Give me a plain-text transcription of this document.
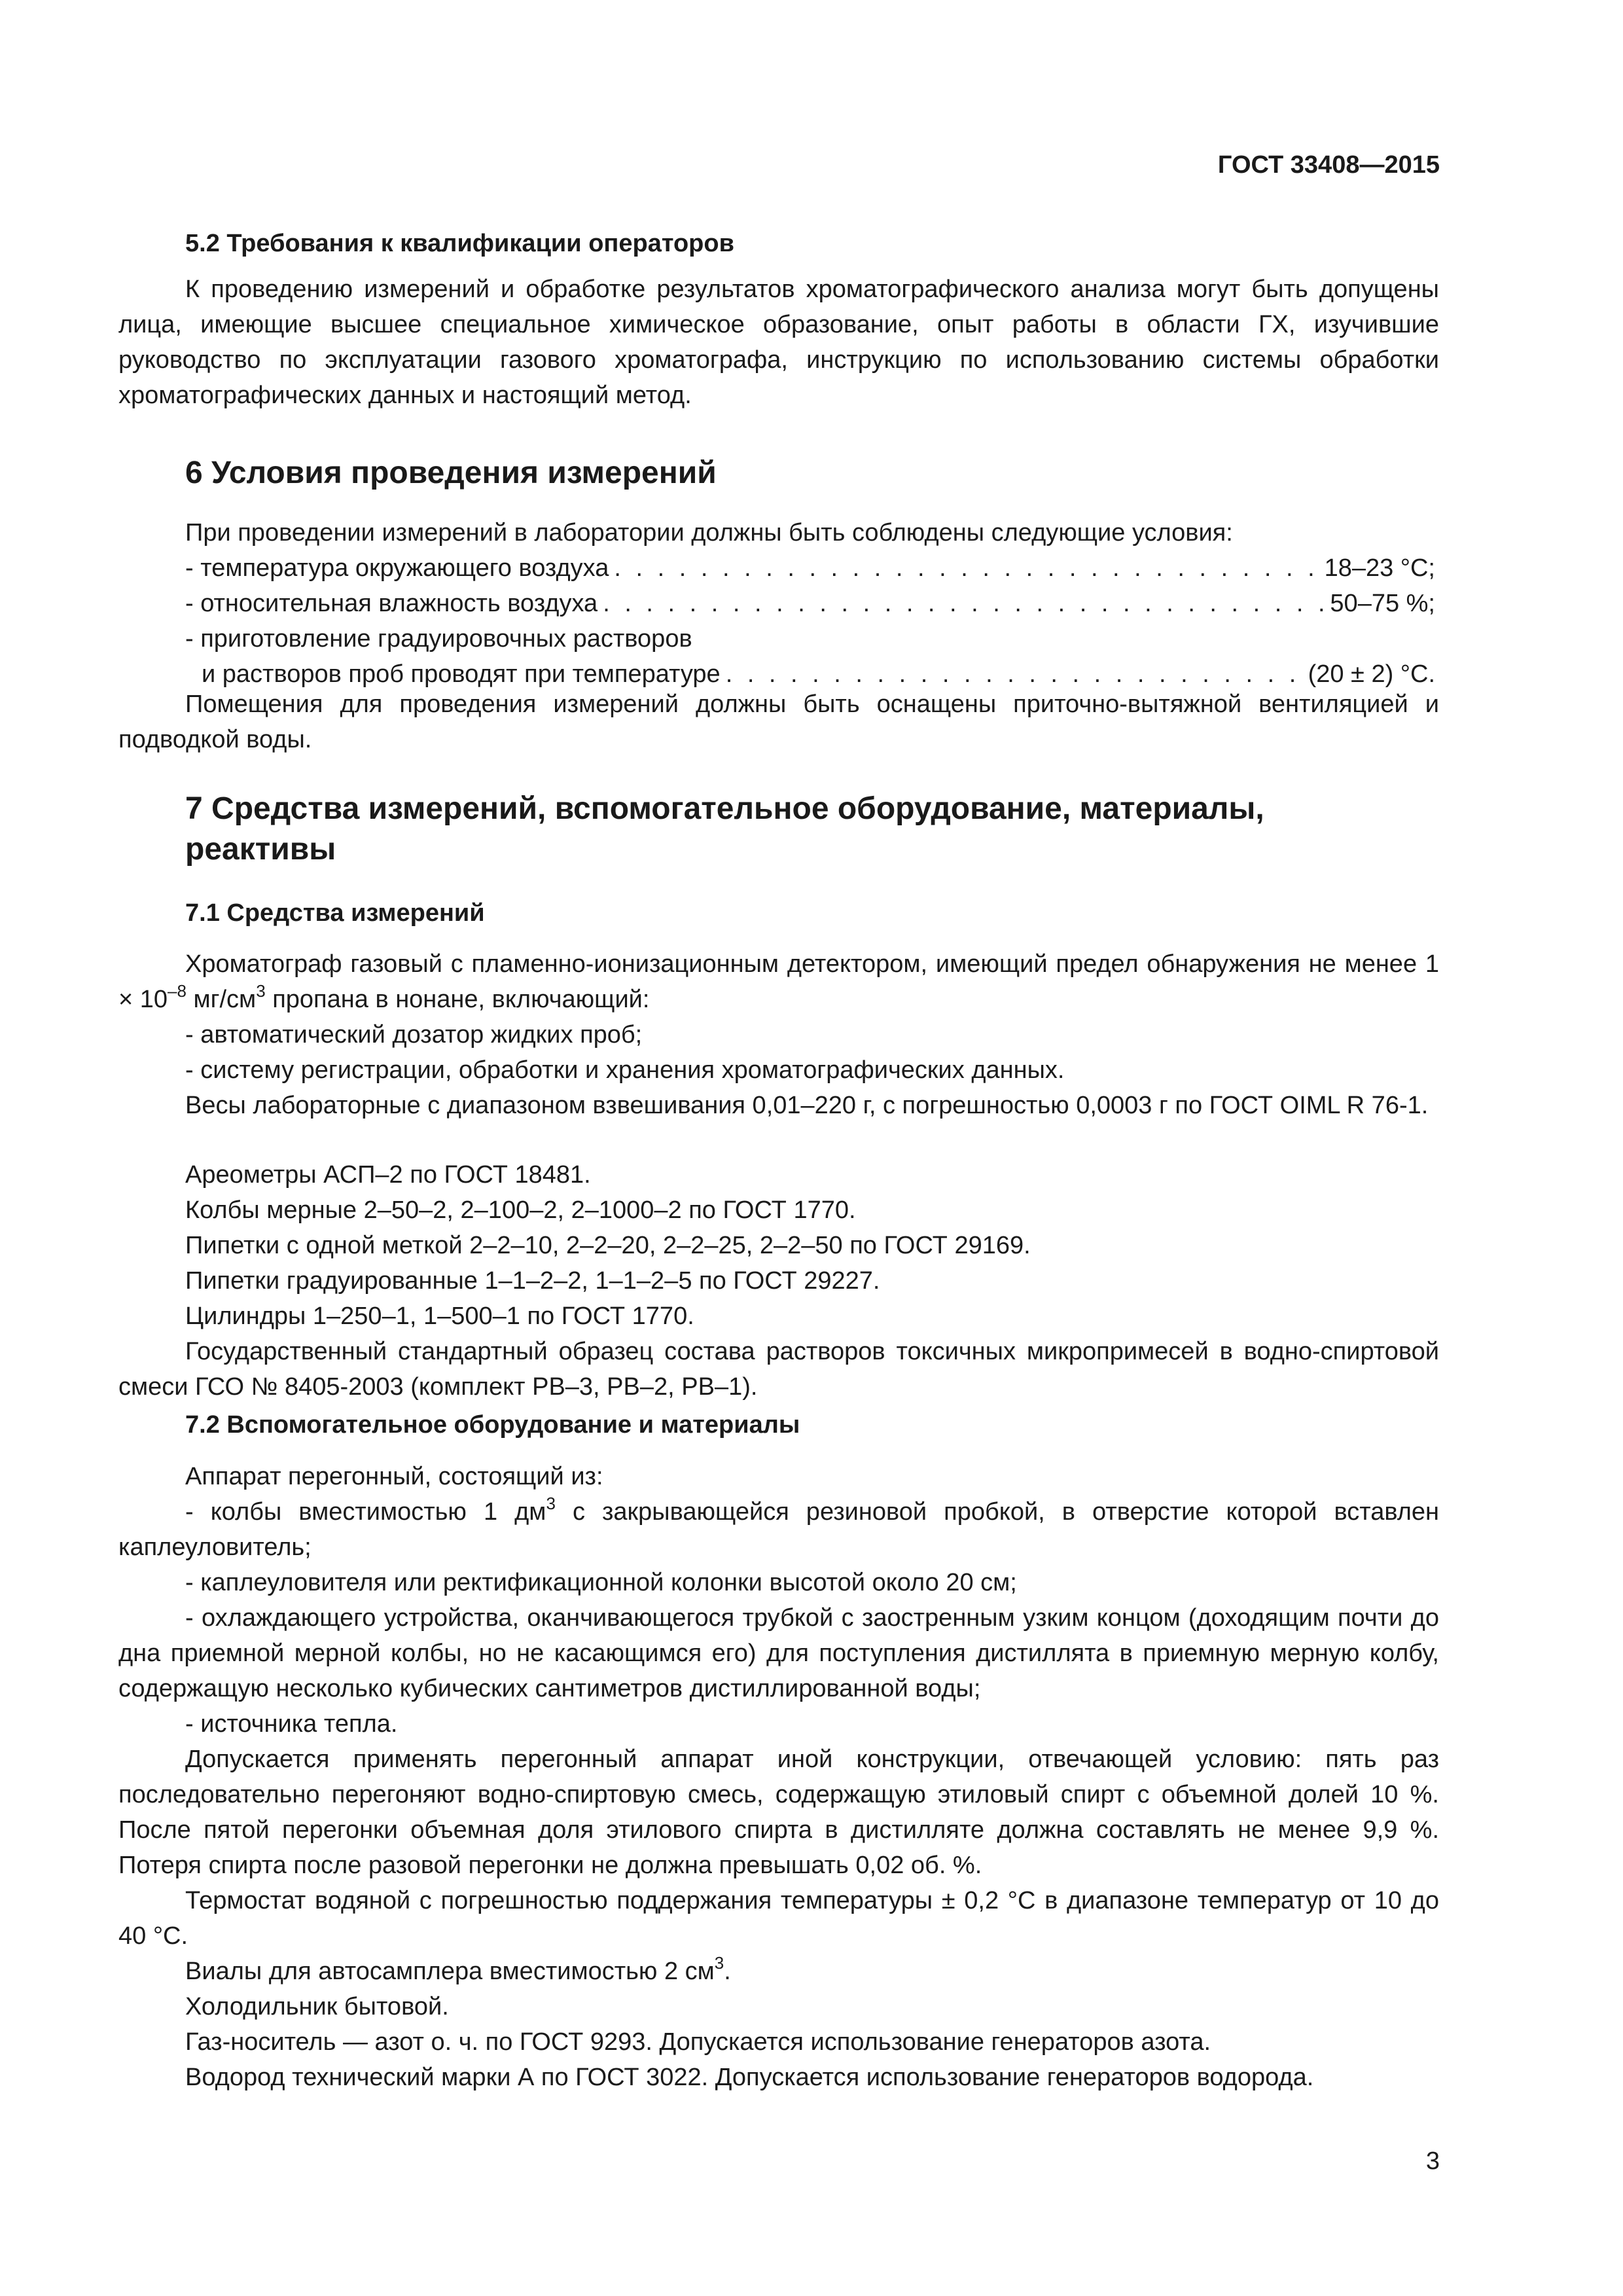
ГОСТ 33408—2015
5.2 Требования к квалификации операторов

К проведению измерений и обработке результатов хроматографического анализа могут быть допущены лица, имеющие высшее специальное химическое образование, опыт работы в области ГХ, изучившие руководство по эксплуатации газового хроматографа, инструкцию по использованию системы обработки хроматографических данных и настоящий метод.

6 Условия проведения измерений
При проведении измерений в лаборатории должны быть соблюдены следующие условия:
- температура окружающего воздуха . . .	18–23 °С;
- относительная влажность воздуха . . .	50–75 %;
- приготовление градуировочных растворов
и растворов проб проводят при температуре . . .	(20 ± 2) °С.

Помещения для проведения измерений должны быть оснащены приточно-вытяжной вентиляцией и подводкой воды.

7 Средства измерений, вспомогательное оборудование, материалы,
реактивы
7.1 Средства измерений

Хроматограф газовый с пламенно-ионизационным детектором, имеющий предел обнаружения не менее $1 \times 10^{-8}$ $мг/см^3$ пропана в нонане, включающий:

- автоматический дозатор жидких проб;
- систему регистрации, обработки и хранения хроматографических данных.

Весы лабораторные с диапазоном взвешивания 0,01–220 г, с погрешностью 0,0003 г по ГОСТ OIML R 76-1.

Ареометры АСП–2 по ГОСТ 18481.
Колбы мерные 2–50–2, 2–100–2, 2–1000–2 по ГОСТ 1770.
Пипетки с одной меткой 2–2–10, 2–2–20, 2–2–25, 2–2–50 по ГОСТ 29169.
Пипетки градуированные 1–1–2–2, 1–1–2–5 по ГОСТ 29227.
Цилиндры 1–250–1, 1–500–1 по ГОСТ 1770.

Государственный стандартный образец состава растворов токсичных микропримесей в водно-спиртовой смеси ГСО № 8405-2003 (комплект РВ–3, РВ–2, РВ–1).

7.2 Вспомогательное оборудование и материалы
Аппарат перегонный, состоящий из:

- колбы вместимостью 1 $дм^3$ с закрывающейся резиновой пробкой, в отверстие которой вставлен каплеуловитель;

- каплеуловителя или ректификационной колонки высотой около 20 см;

- охлаждающего устройства, оканчивающегося трубкой с заостренным узким концом (доходящим почти до дна приемной мерной колбы, но не касающимся его) для поступления дистиллята в приемную мерную колбу, содержащую несколько кубических сантиметров дистиллированной воды;

- источника тепла.

Допускается применять перегонный аппарат иной конструкции, отвечающей условию: пять раз последовательно перегоняют водно-спиртовую смесь, содержащую этиловый спирт с объемной долей 10 %. После пятой перегонки объемная доля этилового спирта в дистилляте должна составлять не менее 9,9 %. Потеря спирта после разовой перегонки не должна превышать 0,02 об. %.

Термостат водяной с погрешностью поддержания температуры ± 0,2 °С в диапазоне температур от 10 до 40 °С.

Виалы для автосамплера вместимостью 2 $см^3$.
Холодильник бытовой.
Газ-носитель — азот о. ч. по ГОСТ 9293. Допускается использование генераторов азота.
Водород технический марки А по ГОСТ 3022. Допускается использование генераторов водорода.
3
